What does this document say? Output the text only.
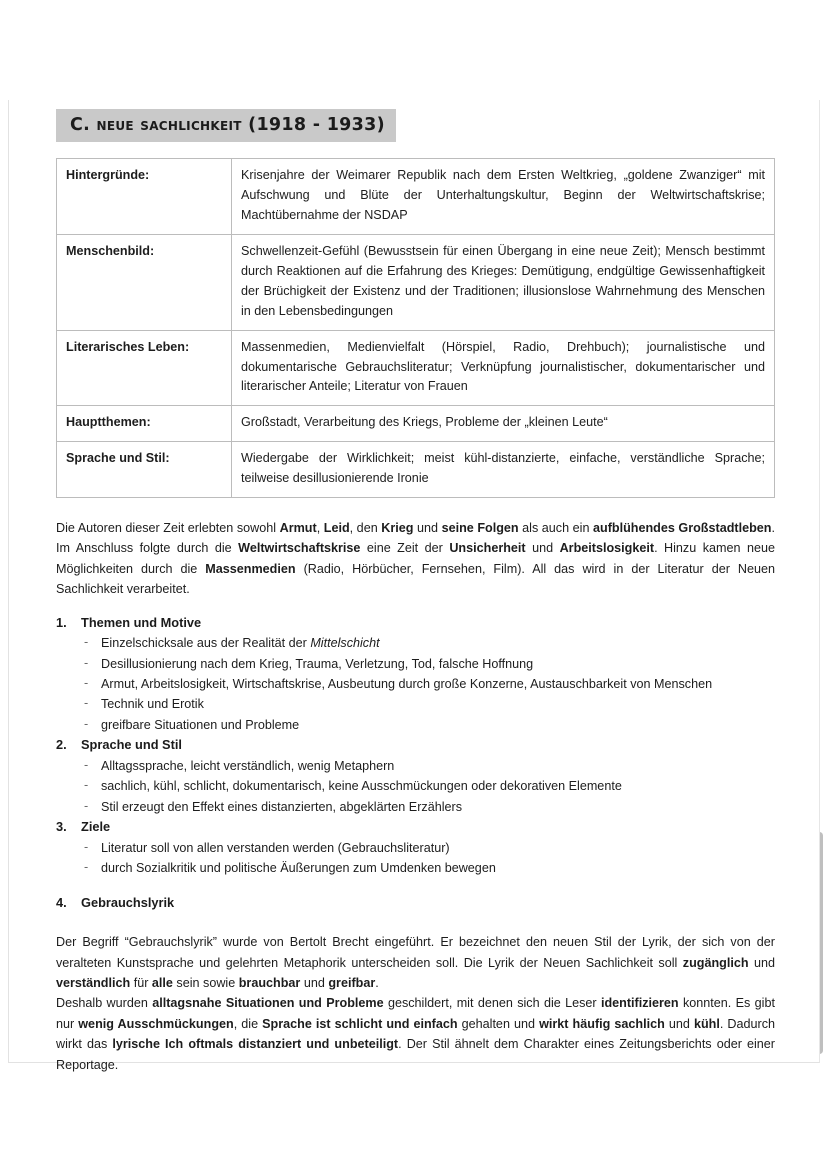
C. neue sachlichkeit (1918 - 1933)
Hintergründe:	Krisenjahre der Weimarer Republik nach dem Ersten Weltkrieg, „goldene Zwanziger“ mit Aufschwung und Blüte der Unterhaltungskultur, Beginn der Weltwirtschaftskrise; Machtübernahme der NSDAP
Menschenbild:	Schwellenzeit-Gefühl (Bewusstsein für einen Übergang in eine neue Zeit); Mensch bestimmt durch Reaktionen auf die Erfahrung des Krieges: Demütigung, endgültige Gewissenhaftigkeit der Brüchigkeit der Existenz und der Traditionen; illusionslose Wahrnehmung des Menschen in den Lebensbedingungen
Literarisches Leben:	Massenmedien, Medienvielfalt (Hörspiel, Radio, Drehbuch); journalistische und dokumentarische Gebrauchsliteratur; Verknüpfung journalistischer, dokumentarischer und literarischer Anteile; Literatur von Frauen
Hauptthemen:	Großstadt, Verarbeitung des Kriegs, Probleme der „kleinen Leute“
Sprache und Stil:	Wiedergabe der Wirklichkeit; meist kühl-distanzierte, einfache, verständliche Sprache; teilweise desillusionierende Ironie

Die Autoren dieser Zeit erlebten sowohl Armut, Leid, den Krieg und seine Folgen als auch ein aufblühendes Großstadtleben. Im Anschluss folgte durch die Weltwirtschaftskrise eine Zeit der Unsicherheit und Arbeitslosigkeit. Hinzu kamen neue Möglichkeiten durch die Massenmedien (Radio, Hörbücher, Fernsehen, Film). All das wird in der Literatur der Neuen Sachlichkeit verarbeitet.

1. Themen und Motive
- Einzelschicksale aus der Realität der Mittelschicht
- Desillusionierung nach dem Krieg, Trauma, Verletzung, Tod, falsche Hoffnung
- Armut, Arbeitslosigkeit, Wirtschaftskrise, Ausbeutung durch große Konzerne, Austauschbarkeit von Menschen
- Technik und Erotik
- greifbare Situationen und Probleme
2. Sprache und Stil
- Alltagssprache, leicht verständlich, wenig Metaphern
- sachlich, kühl, schlicht, dokumentarisch, keine Ausschmückungen oder dekorativen Elemente
- Stil erzeugt den Effekt eines distanzierten, abgeklärten Erzählers
3. Ziele
- Literatur soll von allen verstanden werden (Gebrauchsliteratur)
- durch Sozialkritik und politische Äußerungen zum Umdenken bewegen
4. Gebrauchslyrik

Der Begriff “Gebrauchslyrik” wurde von Bertolt Brecht eingeführt. Er bezeichnet den neuen Stil der Lyrik, der sich von der veralteten Kunstsprache und gelehrten Metaphorik unterscheiden soll. Die Lyrik der Neuen Sachlichkeit soll zugänglich und verständlich für alle sein sowie brauchbar und greifbar.

Deshalb wurden alltagsnahe Situationen und Probleme geschildert, mit denen sich die Leser identifizieren konnten. Es gibt nur wenig Ausschmückungen, die Sprache ist schlicht und einfach gehalten und wirkt häufig sachlich und kühl. Dadurch wirkt das lyrische Ich oftmals distanziert und unbeteiligt. Der Stil ähnelt dem Charakter eines Zeitungsberichts oder einer Reportage.
